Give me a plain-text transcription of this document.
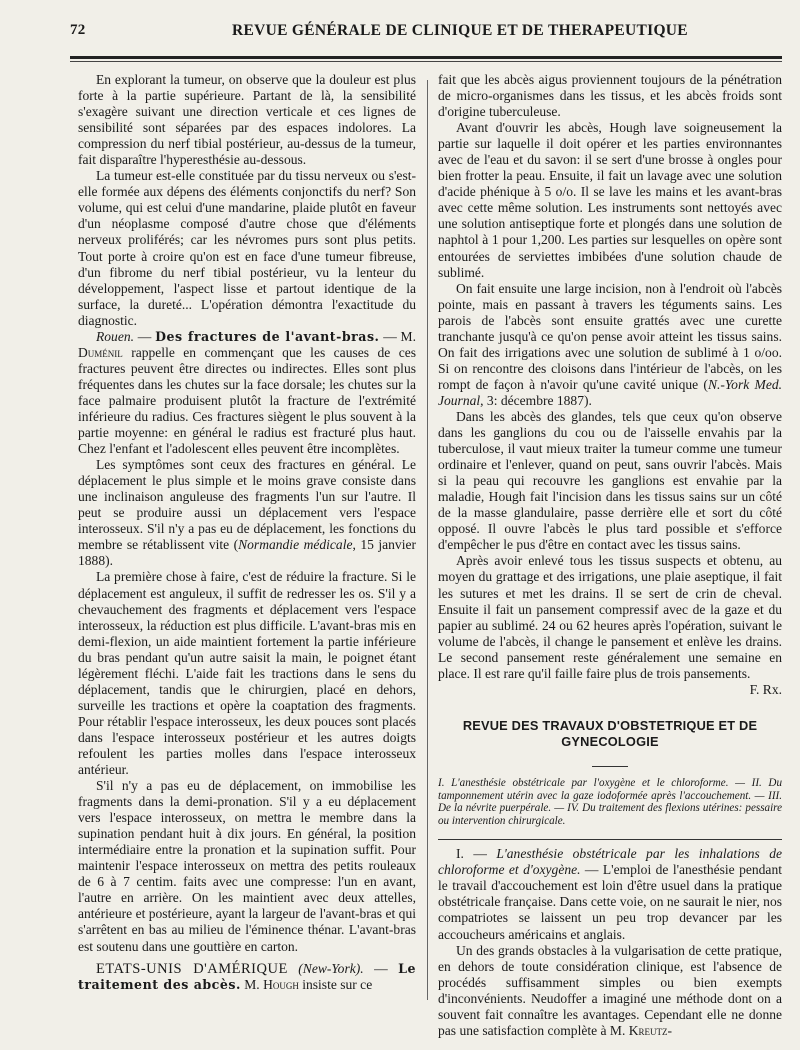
72	REVUE GÉNÉRALE DE CLINIQUE ET DE THERAPEUTIQUE

En explorant la tumeur, on observe que la douleur est plus forte à la partie supérieure. Partant de là, la sensibilité s'exagère suivant une direction verticale et ces lignes de sensibilité sont séparées par des espaces indolores. La compression du nerf tibial postérieur, au-dessus de la tumeur, fait disparaître l'hyperesthésie au-dessous.

La tumeur est-elle constituée par du tissu nerveux ou s'est-elle formée aux dépens des éléments conjonctifs du nerf? Son volume, qui est celui d'une mandarine, plaide plutôt en faveur d'un néoplasme composé d'autre chose que d'éléments nerveux proliférés; car les névromes purs sont plus petits. Tout porte à croire qu'on est en face d'une tumeur fibreuse, d'un fibrome du nerf tibial postérieur, vu la lenteur du développement, l'aspect lisse et partout identique de la surface, la dureté... L'opération démontra l'exactitude du diagnostic.

Rouen. — Des fractures de l'avant-bras. — M. Duménil rappelle en commençant que les causes de ces fractures peuvent être directes ou indirectes. Elles sont plus fréquentes dans les chutes sur la face dorsale; les chutes sur la face palmaire produisent plutôt la fracture de l'extrémité inférieure du radius. Ces fractures siègent le plus souvent à la partie moyenne: en général le radius est fracturé plus haut. Chez l'enfant et l'adolescent elles peuvent être incomplètes.

Les symptômes sont ceux des fractures en général. Le déplacement le plus simple et le moins grave consiste dans une inclinaison anguleuse des fragments l'un sur l'autre. Il peut se produire aussi un déplacement vers l'espace interosseux. S'il n'y a pas eu de déplacement, les fonctions du membre se rétablissent vite (Normandie médicale, 15 janvier 1888).

La première chose à faire, c'est de réduire la fracture. Si le déplacement est anguleux, il suffit de redresser les os. S'il y a chevauchement des fragments et déplacement vers l'espace interosseux, la réduction est plus difficile. L'avant-bras mis en demi-flexion, un aide maintient fortement la partie inférieure du bras pendant qu'un autre saisit la main, le poignet étant légèrement fléchi. L'aide fait les tractions dans le sens du déplacement, tandis que le chirurgien, placé en dehors, surveille les tractions et opère la coaptation des fragments. Pour rétablir l'espace interosseux, les deux pouces sont placés dans l'espace interosseux postérieur et les autres doigts refoulent les parties molles dans l'espace interosseux antérieur.

S'il n'y a pas eu de déplacement, on immobilise les fragments dans la demi-pronation. S'il y a eu déplacement vers l'espace interosseux, on mettra le membre dans la supination pendant huit à dix jours. En général, la position intermédiaire entre la pronation et la supination suffit. Pour maintenir l'espace interosseux on mettra des petits rouleaux de 6 à 7 centim. faits avec une compresse: l'un en avant, l'autre en arrière. On les maintient avec deux attelles, antérieure et postérieure, ayant la largeur de l'avant-bras et qui s'arrêtent en bas au milieu de l'éminence thénar. L'avant-bras est soutenu dans une gouttière en carton.

ETATS-UNIS D'AMÉRIQUE (New-York). — Le traitement des abcès. M. Hough insiste sur ce

fait que les abcès aigus proviennent toujours de la pénétration de micro-organismes dans les tissus, et les abcès froids sont d'origine tuberculeuse.

Avant d'ouvrir les abcès, Hough lave soigneusement la partie sur laquelle il doit opérer et les parties environnantes avec de l'eau et du savon: il se sert d'une brosse à ongles pour bien frotter la peau. Ensuite, il fait un lavage avec une solution d'acide phénique à 5 o/o. Il se lave les mains et les avant-bras avec cette même solution. Les instruments sont nettoyés avec une solution antiseptique forte et plongés dans une solution de naphtol à 1 pour 1,200. Les parties sur lesquelles on opère sont entourées de serviettes imbibées d'une solution chaude de sublimé.

On fait ensuite une large incision, non à l'endroit où l'abcès pointe, mais en passant à travers les téguments sains. Les parois de l'abcès sont ensuite grattés avec une curette tranchante jusqu'à ce qu'on pense avoir atteint les tissus sains. On fait des irrigations avec une solution de sublimé à 1 o/oo. Si on rencontre des cloisons dans l'intérieur de l'abcès, on les rompt de façon à n'avoir qu'une cavité unique (N.-York Med. Journal, 3: décembre 1887).

Dans les abcès des glandes, tels que ceux qu'on observe dans les ganglions du cou ou de l'aisselle envahis par la tuberculose, il vaut mieux traiter la tumeur comme une tumeur ordinaire et l'enlever, quand on peut, sans ouvrir l'abcès. Mais si la peau qui recouvre les ganglions est envahie par la maladie, Hough fait l'incision dans les tissus sains sur un côté de la masse glandulaire, passe derrière elle et sort du côté opposé. Il ouvre l'abcès le plus tard possible et s'efforce d'empêcher le pus d'être en contact avec les tissus sains.

Après avoir enlevé tous les tissus suspects et obtenu, au moyen du grattage et des irrigations, une plaie aseptique, il fait les sutures et met les drains. Il se sert de crin de cheval. Ensuite il fait un pansement compressif avec de la gaze et du papier au sublimé. 24 ou 62 heures après l'opération, suivant le volume de l'abcès, il change le pansement et enlève les drains. Le second pansement reste généralement une semaine en place. Il est rare qu'il faille faire plus de trois pansements.

F. Rx.

REVUE DES TRAVAUX D'OBSTETRIQUE ET DE GYNECOLOGIE

I. L'anesthésie obstétricale par l'oxygène et le chloroforme. — II. Du tamponnement utérin avec la gaze iodoformée après l'accouchement. — III. De la névrite puerpérale. — IV. Du traitement des flexions utérines: pessaire ou intervention chirurgicale.

I. — L'anesthésie obstétricale par les inhalations de chloroforme et d'oxygène. — L'emploi de l'anesthésie pendant le travail d'accouchement est loin d'être usuel dans la pratique obstétricale française. Dans cette voie, on ne saurait le nier, nos compatriotes se laissent un peu trop devancer par les accoucheurs américains et anglais.

Un des grands obstacles à la vulgarisation de cette pratique, en dehors de toute considération clinique, est l'absence de procédés suffisamment simples ou bien exempts d'inconvénients. Neudoffer a imaginé une méthode dont on a souvent fait connaître les avantages. Cependant elle ne donne pas une satisfaction complète à M. Kreutz-
